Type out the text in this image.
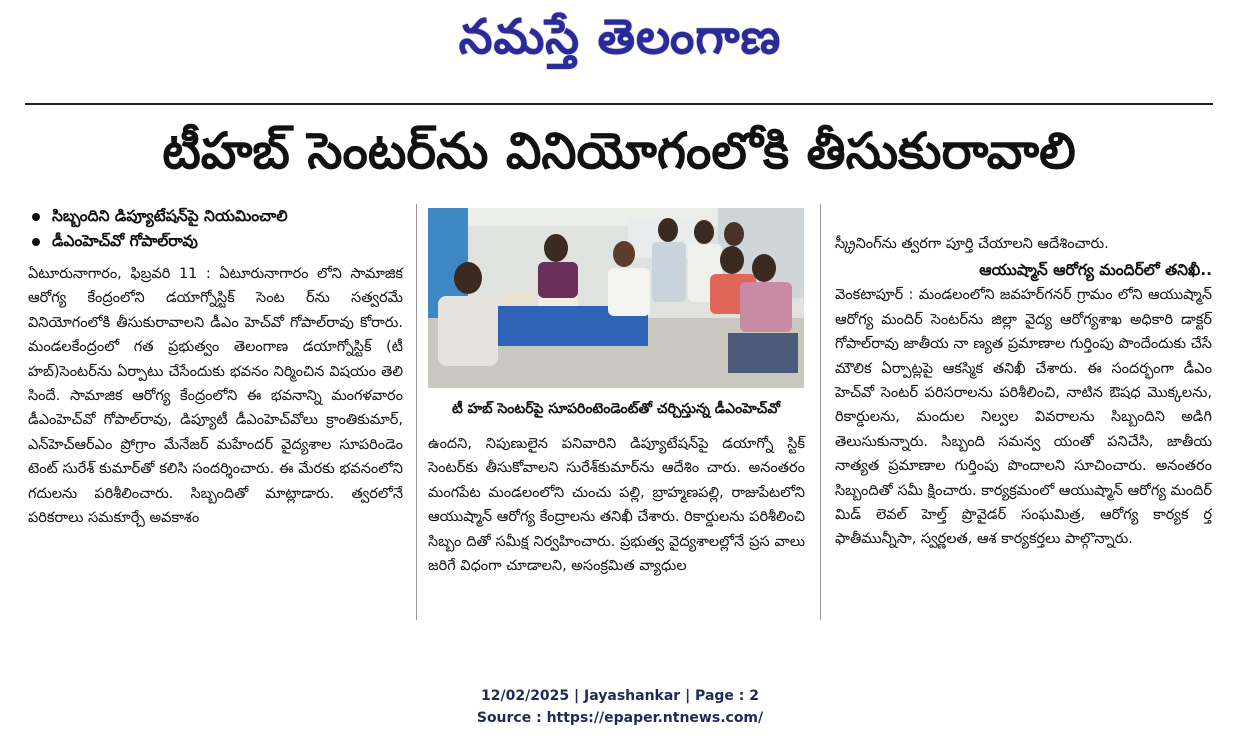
నమస్తే తెలంగాణ
టీహబ్ సెంటర్‌ను వినియోగంలోకి తీసుకురావాలి
సిబ్బందిని డిప్యూటేషన్‌పై నియమించాలి
డీఎంహెచ్‌వో గోపాల్‌రావు

ఏటూరునాగారం, ఫిబ్రవరి 11 : ఏటూరునాగారం లోని సామాజిక ఆరోగ్య కేంద్రంలోని డయాగ్నోస్టిక్ సెంట ర్‌ను సత్వరమే వినియోగంలోకి తీసుకురావాలని డీఎం హెచ్‌వో గోపాల్‌రావు కోరారు. మండలకేంద్రంలో గత ప్రభుత్వం తెలంగాణ డయాగ్నోస్టిక్ (టీ హబ్)సెంటర్‌ను ఏర్పాటు చేసేందుకు భవనం నిర్మించిన విషయం తెలి సిందే. సామాజిక ఆరోగ్య కేంద్రంలోని ఈ భవనాన్ని మంగళవారం డీఎంహెచ్‌వో గోపాల్‌రావు, డిప్యూటీ డీఎంహెచ్‌వోలు క్రాంతికుమార్, ఎన్‌హెచ్‌ఆర్‌ఎం ప్రోగ్రాం మేనేజర్ మహేందర్ వైద్యశాల సూపరిండెం టెంట్ సురేశ్ కుమార్‌తో కలిసి సందర్శించారు. ఈ మేరకు భవనంలోని గదులను పరిశీలించారు. సిబ్బందితో మాట్లాడారు. త్వరలోనే పరికరాలు సమకూర్చే అవకాశం

టీ హబ్ సెంటర్‌పై సూపరింటెండెంట్‌తో చర్చిస్తున్న డీఎంహెచ్‌వో

ఉందని, నిపుణులైన పనివారిని డిప్యూటేషన్‌పై డయాగ్నో స్టిక్ సెంటర్‌కు తీసుకోవాలని సురేశ్‌కుమార్‌ను ఆదేశిం చారు. అనంతరం మంగపేట మండలంలోని చుంచు పల్లి, బ్రాహ్మణపల్లి, రాజుపేటలోని ఆయుష్మాన్ ఆరోగ్య కేంద్రాలను తనిఖీ చేశారు. రికార్డులను పరిశీలించి సిబ్బం దితో సమీక్ష నిర్వహించారు. ప్రభుత్వ వైద్యశాలల్లోనే ప్రస వాలు జరిగే విధంగా చూడాలని, అసంక్రమిత వ్యాధుల

స్క్రీనింగ్‌ను త్వరగా పూర్తి చేయాలని ఆదేశించారు.

ఆయుష్మాన్ ఆరోగ్య మందిర్‌లో తనిఖీ..

వెంకటాపూర్ : మండలంలోని జవహర్‌గనర్ గ్రామం లోని ఆయుష్మాన్ ఆరోగ్య మందిర్ సెంటర్‌ను జిల్లా వైద్య ఆరోగ్యశాఖ అధికారి డాక్టర్ గోపాల్‌రావు జాతీయ నా ణ్యత ప్రమాణాల గుర్తింపు పొందేందుకు చేసే మౌలిక ఏర్పాట్లపై ఆకస్మిక తనిఖీ చేశారు. ఈ సందర్భంగా డీఎం హెచ్‌వో సెంటర్ పరిసరాలను పరిశీలించి, నాటిన ఔషధ మొక్కలను, రికార్డులను, మందుల నిల్వల వివరాలను సిబ్బందిని అడిగి తెలుసుకున్నారు. సిబ్బంది సమన్వ యంతో పనిచేసి, జాతీయ నాత్యత ప్రమాణాల గుర్తింపు పొందాలని సూచించారు. అనంతరం సిబ్బందితో సమీ క్షించారు. కార్యక్రమంలో ఆయుష్మాన్ ఆరోగ్య మందిర్ మిడ్ లెవల్ హెల్త్ ప్రొవైడర్ సంఘమిత్ర, ఆరోగ్య కార్యక ర్త ఫాతీమున్నీసా, స్వర్ణలత, ఆశ కార్యకర్తలు పాల్గొన్నారు.

12/02/2025 | Jayashankar | Page : 2
Source : https://epaper.ntnews.com/
